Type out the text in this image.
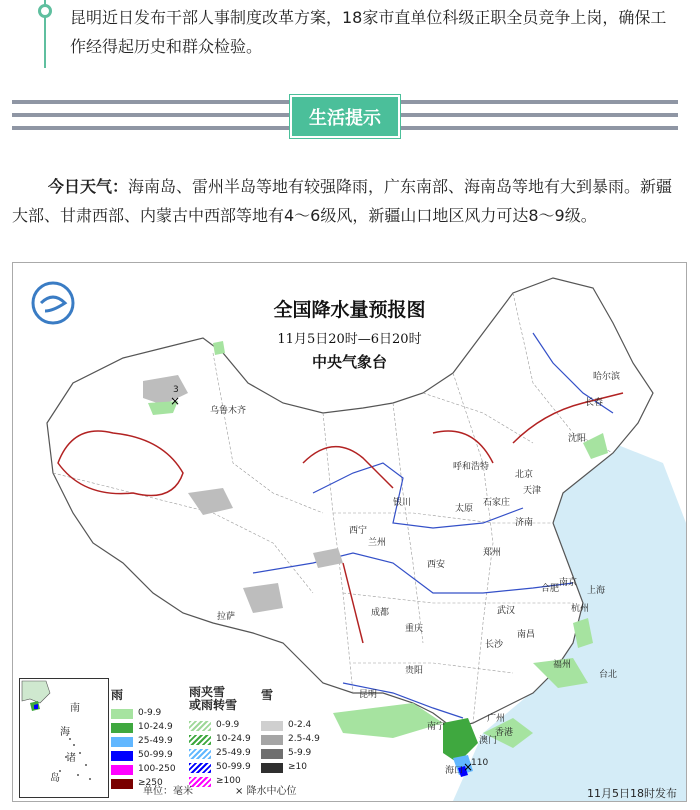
昆明近日发布干部人事制度改革方案，18家市直单位科级正职全员竞争上岗，确保工作经得起历史和群众检验。
生活提示
今日天气：海南岛、雷州半岛等地有较强降雨，广东南部、海南岛等地有大到暴雨。新疆大部、甘肃西部、内蒙古中西部等地有4～6级风，新疆山口地区风力可达8～9级。
×
×
全国降水量预报图
11月5日20时—6日20时
中央气象台
3
110
乌鲁木齐
哈尔滨
长春
沈阳
呼和浩特
北京
天津
石家庄
太原
济南
银川
西宁
兰州
郑州
西安
合肥
南京
上海
杭州
武汉
成都
重庆
长沙
南昌
拉萨
贵阳
昆明
福州
台北
南宁
广州
香港
澳门
海口
南
海
诸
岛
雨	雨夹雪
或雨转雪
雪
0-9.9
10-24.9
25-49.9
50-99.9
100-250
≥250
0-9.9
10-24.9
25-49.9
50-99.9
≥100
0-2.4
2.5-4.9
5-9.9
≥10
单位：毫米	× 降水中心位	11月5日18时发布
